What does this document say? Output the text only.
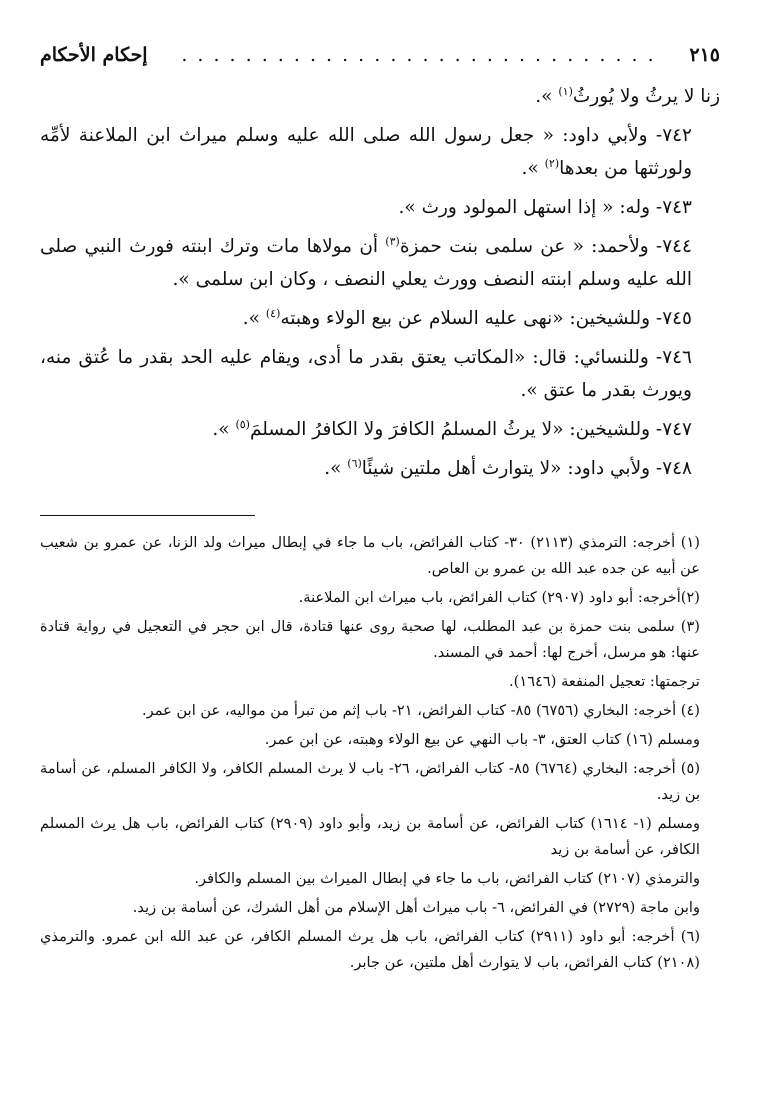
٢١٥
. . . . . . . . . . . . . . . . . . . . . . . . . . . . . .
إحكام الأحكام

زنا لا يرثُ ولا يُورثُ$^{(١)}$ ».

٧٤٢- ولأبي داود: « جعل رسول الله صلى الله عليه وسلم ميراث ابن الملاعنة لأمِّه ولورثتها من بعدها$^{(٢)}$ ».

٧٤٣- وله: « إذا استهل المولود ورث ».

٧٤٤- ولأحمد: « عن سلمى بنت حمزة$^{(٣)}$ أن مولاها مات وترك ابنته فورث النبي صلى الله عليه وسلم ابنته النصف وورث يعلي النصف ، وكان ابن سلمى ».

٧٤٥- وللشيخين: «نهى عليه السلام عن بيع الولاء وهبته$^{(٤)}$ ».

٧٤٦- وللنسائي: قال: «المكاتب يعتق بقدر ما أدى، ويقام عليه الحد بقدر ما عُتق منه، ويورث بقدر ما عتق ».

٧٤٧- وللشيخين: «لا يرثُ المسلمُ الكافرَ ولا الكافرُ المسلمَ$^{(٥)}$ ».

٧٤٨- ولأبي داود: «لا يتوارث أهل ملتين شيئًا$^{(٦)}$ ».

(١) أخرجه: الترمذي (٢١١٣) ٣٠- كتاب الفرائض، باب ما جاء في إبطال ميراث ولد الزنا، عن عمرو بن شعيب عن أبيه عن جده عبد الله بن عمرو بن العاص.

(٢)أخرجه: أبو داود (٢٩٠٧) كتاب الفرائض، باب ميراث ابن الملاعنة.

(٣) سلمى بنت حمزة بن عبد المطلب، لها صحبة روى عنها قتادة، قال ابن حجر في التعجيل في رواية قتادة عنها: هو مرسل، أخرج لها: أحمد في المسند.

ترجمتها: تعجيل المنفعة (١٦٤٦).

(٤) أخرجه: البخاري (٦٧٥٦) ٨٥- كتاب الفرائض، ٢١- باب إثم من تبرأ من مواليه، عن ابن عمر.

ومسلم (١٦) كتاب العتق، ٣- باب النهي عن بيع الولاء وهبته، عن ابن عمر.

(٥) أخرجه: البخاري (٦٧٦٤) ٨٥- كتاب الفرائض، ٢٦- باب لا يرث المسلم الكافر، ولا الكافر المسلم، عن أسامة بن زيد.

ومسلم (١- ١٦١٤) كتاب الفرائض، عن أسامة بن زيد، وأبو داود (٢٩٠٩) كتاب الفرائض، باب هل يرث المسلم الكافر، عن أسامة بن زيد

والترمذي (٢١٠٧) كتاب الفرائض، باب ما جاء في إبطال الميراث بين المسلم والكافر.

وابن ماجة (٢٧٢٩) في الفرائض، ٦- باب ميراث أهل الإسلام من أهل الشرك، عن أسامة بن زيد.

(٦) أخرجه: أبو داود (٢٩١١) كتاب الفرائض، باب هل يرث المسلم الكافر، عن عبد الله ابن عمرو. والترمذي (٢١٠٨) كتاب الفرائض، باب لا يتوارث أهل ملتين، عن جابر.
